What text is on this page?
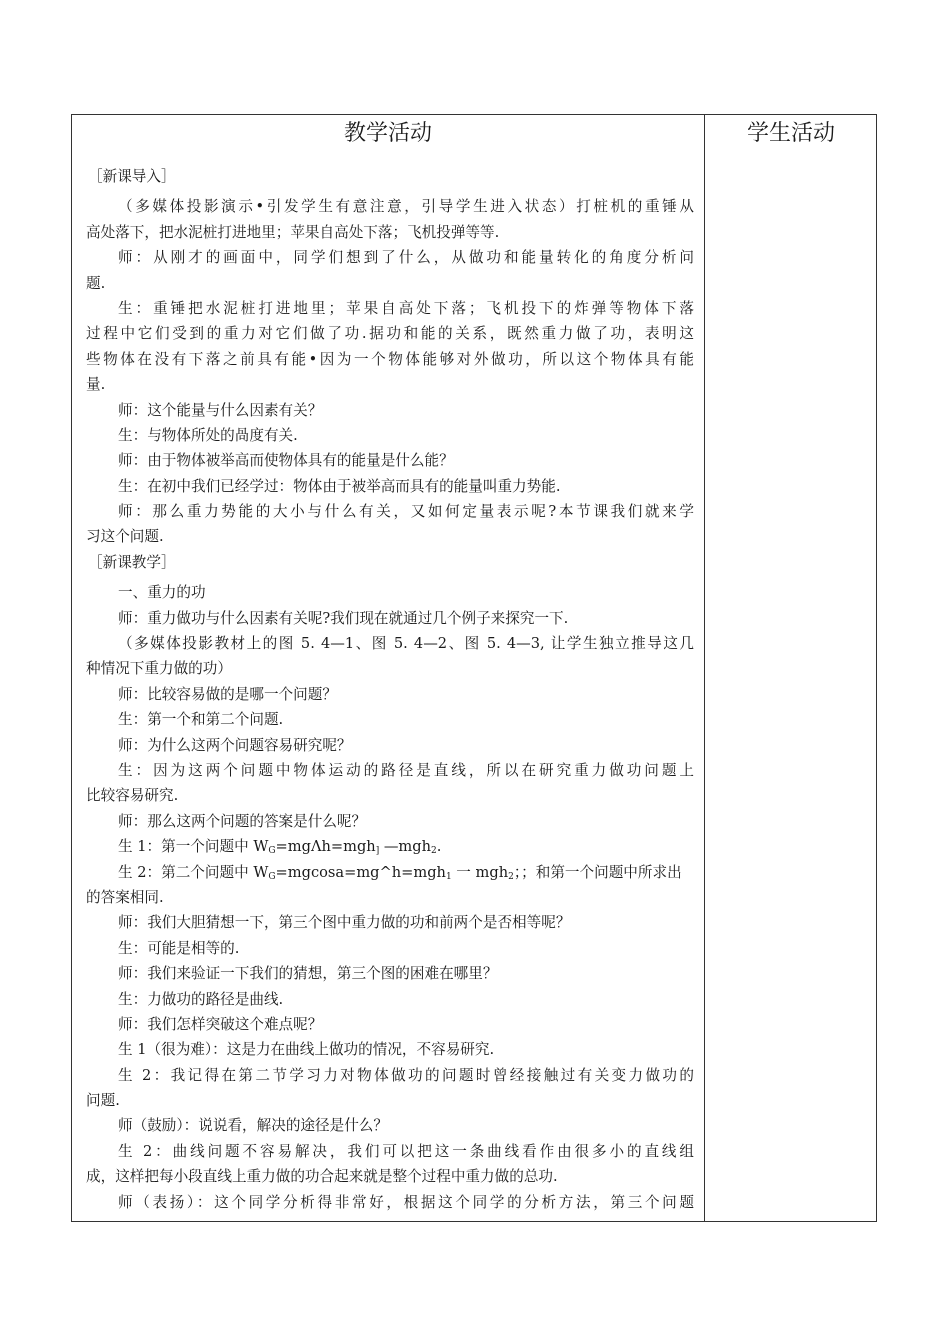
教学活动	学生活动
［新课导入］
（多媒体投影演示•引发学生有意注意，引导学生进入状态）打桩机的重锤从
高处落下，把水泥桩打进地里；苹果自高处下落；飞机投弹等等.
师：从刚才的画面中，同学们想到了什么，从做功和能量转化的角度分析问
题.
生：重锤把水泥桩打进地里；苹果自高处下落；飞机投下的炸弹等物体下落
过程中它们受到的重力对它们做了功.据功和能的关系，既然重力做了功，表明这
些物体在没有下落之前具有能•因为一个物体能够对外做功，所以这个物体具有能
量.
师：这个能量与什么因素有关？
生：与物体所处的咼度有关.
师：由于物体被举高而使物体具有的能量是什么能？
生：在初中我们已经学过：物体由于被举高而具有的能量叫重力势能.
师：那么重力势能的大小与什么有关，又如何定量表示呢?本节课我们就来学
习这个问题.
［新课教学］
一、重力的功
师：重力做功与什么因素有关呢?我们现在就通过几个例子来探究一下.
（多媒体投影教材上的图 5. 4—1、图 5. 4—2、图 5. 4—3, 让学生独立推导这几
种情况下重力做的功）
师：比较容易做的是哪一个问题？
生：第一个和第二个问题.
师：为什么这两个问题容易研究呢？
生：因为这两个问题中物体运动的路径是直线，所以在研究重力做功问题上
比较容易研究.
师：那么这两个问题的答案是什么呢？
生 1：第一个问题中 $W_G=mg\Lambda h=mgh_]$ —mgh$_2$.
生 2：第二个问题中 $W_G=mgcosa=mg\^{}h=mgh_1$ 一 mgh$_2$；；和第一个问题中所求出
的答案相同.
师：我们大胆猜想一下，第三个图中重力做的功和前两个是否相等呢？
生：可能是相等的.
师：我们来验证一下我们的猜想，第三个图的困难在哪里？
生：力做功的路径是曲线.
师：我们怎样突破这个难点呢？
生 1（很为难）：这是力在曲线上做功的情况，不容易研究.
生 2：我记得在第二节学习力对物体做功的问题时曾经接触过有关变力做功的
问题.
师（鼓励）：说说看，解决的途径是什么？
生 2：曲线问题不容易解决，我们可以把这一条曲线看作由很多小的直线组
成，这样把每小段直线上重力做的功合起来就是整个过程中重力做的总功.
师（表扬）：这个同学分析得非常好，根据这个同学的分析方法，第三个问题
